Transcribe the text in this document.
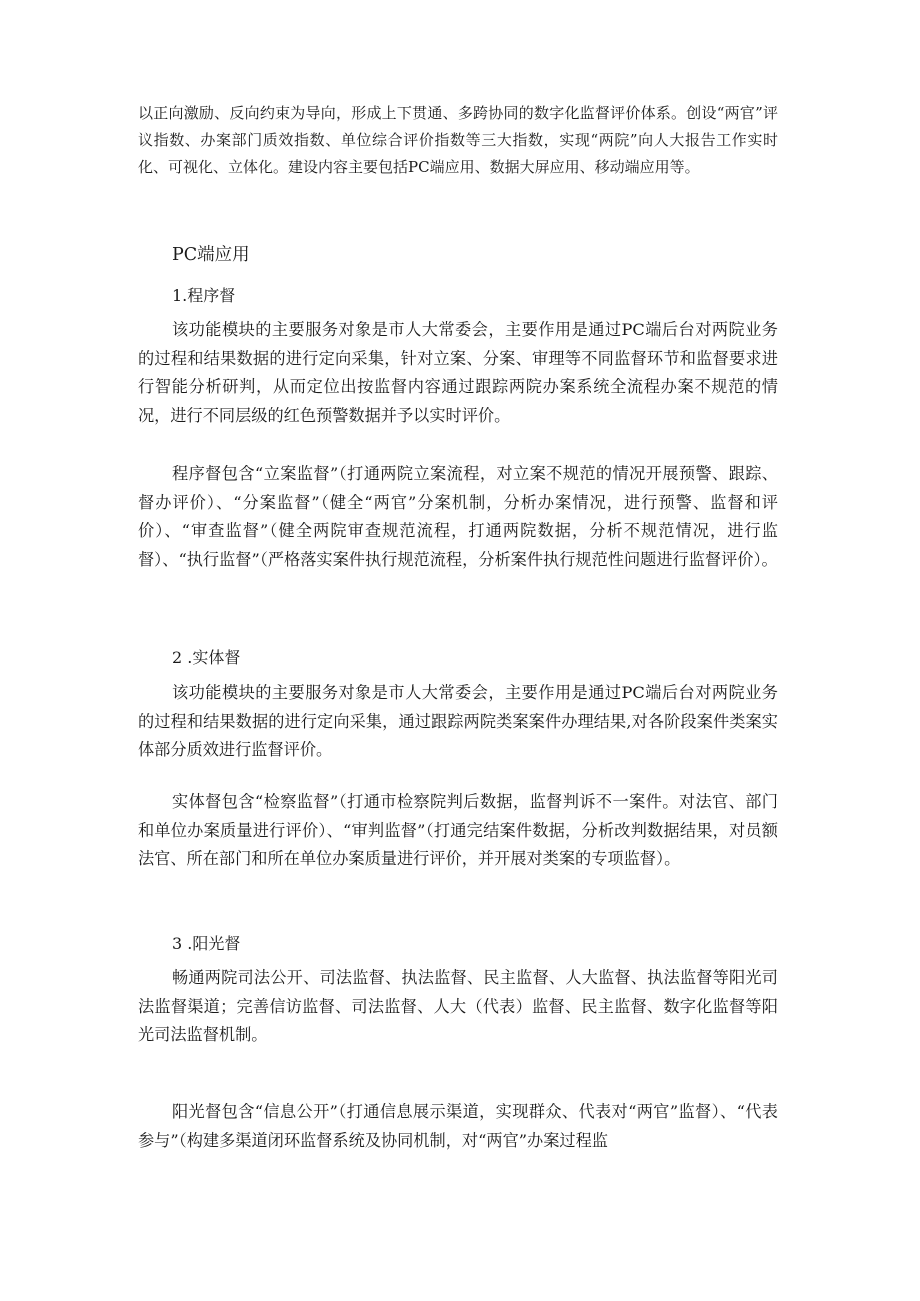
以正向激励、反向约束为导向，形成上下贯通、多跨协同的数字化监督评价体系。创设“两官”评议指数、办案部门质效指数、单位综合评价指数等三大指数，实现“两院”向人大报告工作实时化、可视化、立体化。建设内容主要包括PC端应用、数据大屏应用、移动端应用等。

PC端应用
1.程序督

该功能模块的主要服务对象是市人大常委会，主要作用是通过PC端后台对两院业务的过程和结果数据的进行定向采集，针对立案、分案、审理等不同监督环节和监督要求进行智能分析研判，从而定位出按监督内容通过跟踪两院办案系统全流程办案不规范的情况，进行不同层级的红色预警数据并予以实时评价。

程序督包含“立案监督”（打通两院立案流程，对立案不规范的情况开展预警、跟踪、督办评价）、“分案监督”（健全“两官”分案机制，分析办案情况，进行预警、监督和评价）、“审查监督”（健全两院审查规范流程，打通两院数据，分析不规范情况，进行监督）、“执行监督”（严格落实案件执行规范流程，分析案件执行规范性问题进行监督评价）。

2 .实体督

该功能模块的主要服务对象是市人大常委会，主要作用是通过PC端后台对两院业务的过程和结果数据的进行定向采集，通过跟踪两院类案案件办理结果,对各阶段案件类案实体部分质效进行监督评价。

实体督包含“检察监督”（打通市检察院判后数据，监督判诉不一案件。对法官、部门和单位办案质量进行评价）、“审判监督”（打通完结案件数据，分析改判数据结果，对员额法官、所在部门和所在单位办案质量进行评价，并开展对类案的专项监督）。

3 .阳光督

畅通两院司法公开、司法监督、执法监督、民主监督、人大监督、执法监督等阳光司法监督渠道；完善信访监督、司法监督、人大（代表）监督、民主监督、数字化监督等阳光司法监督机制。

阳光督包含“信息公开”（打通信息展示渠道，实现群众、代表对“两官”监督）、“代表参与”（构建多渠道闭环监督系统及协同机制，对“两官”办案过程监
